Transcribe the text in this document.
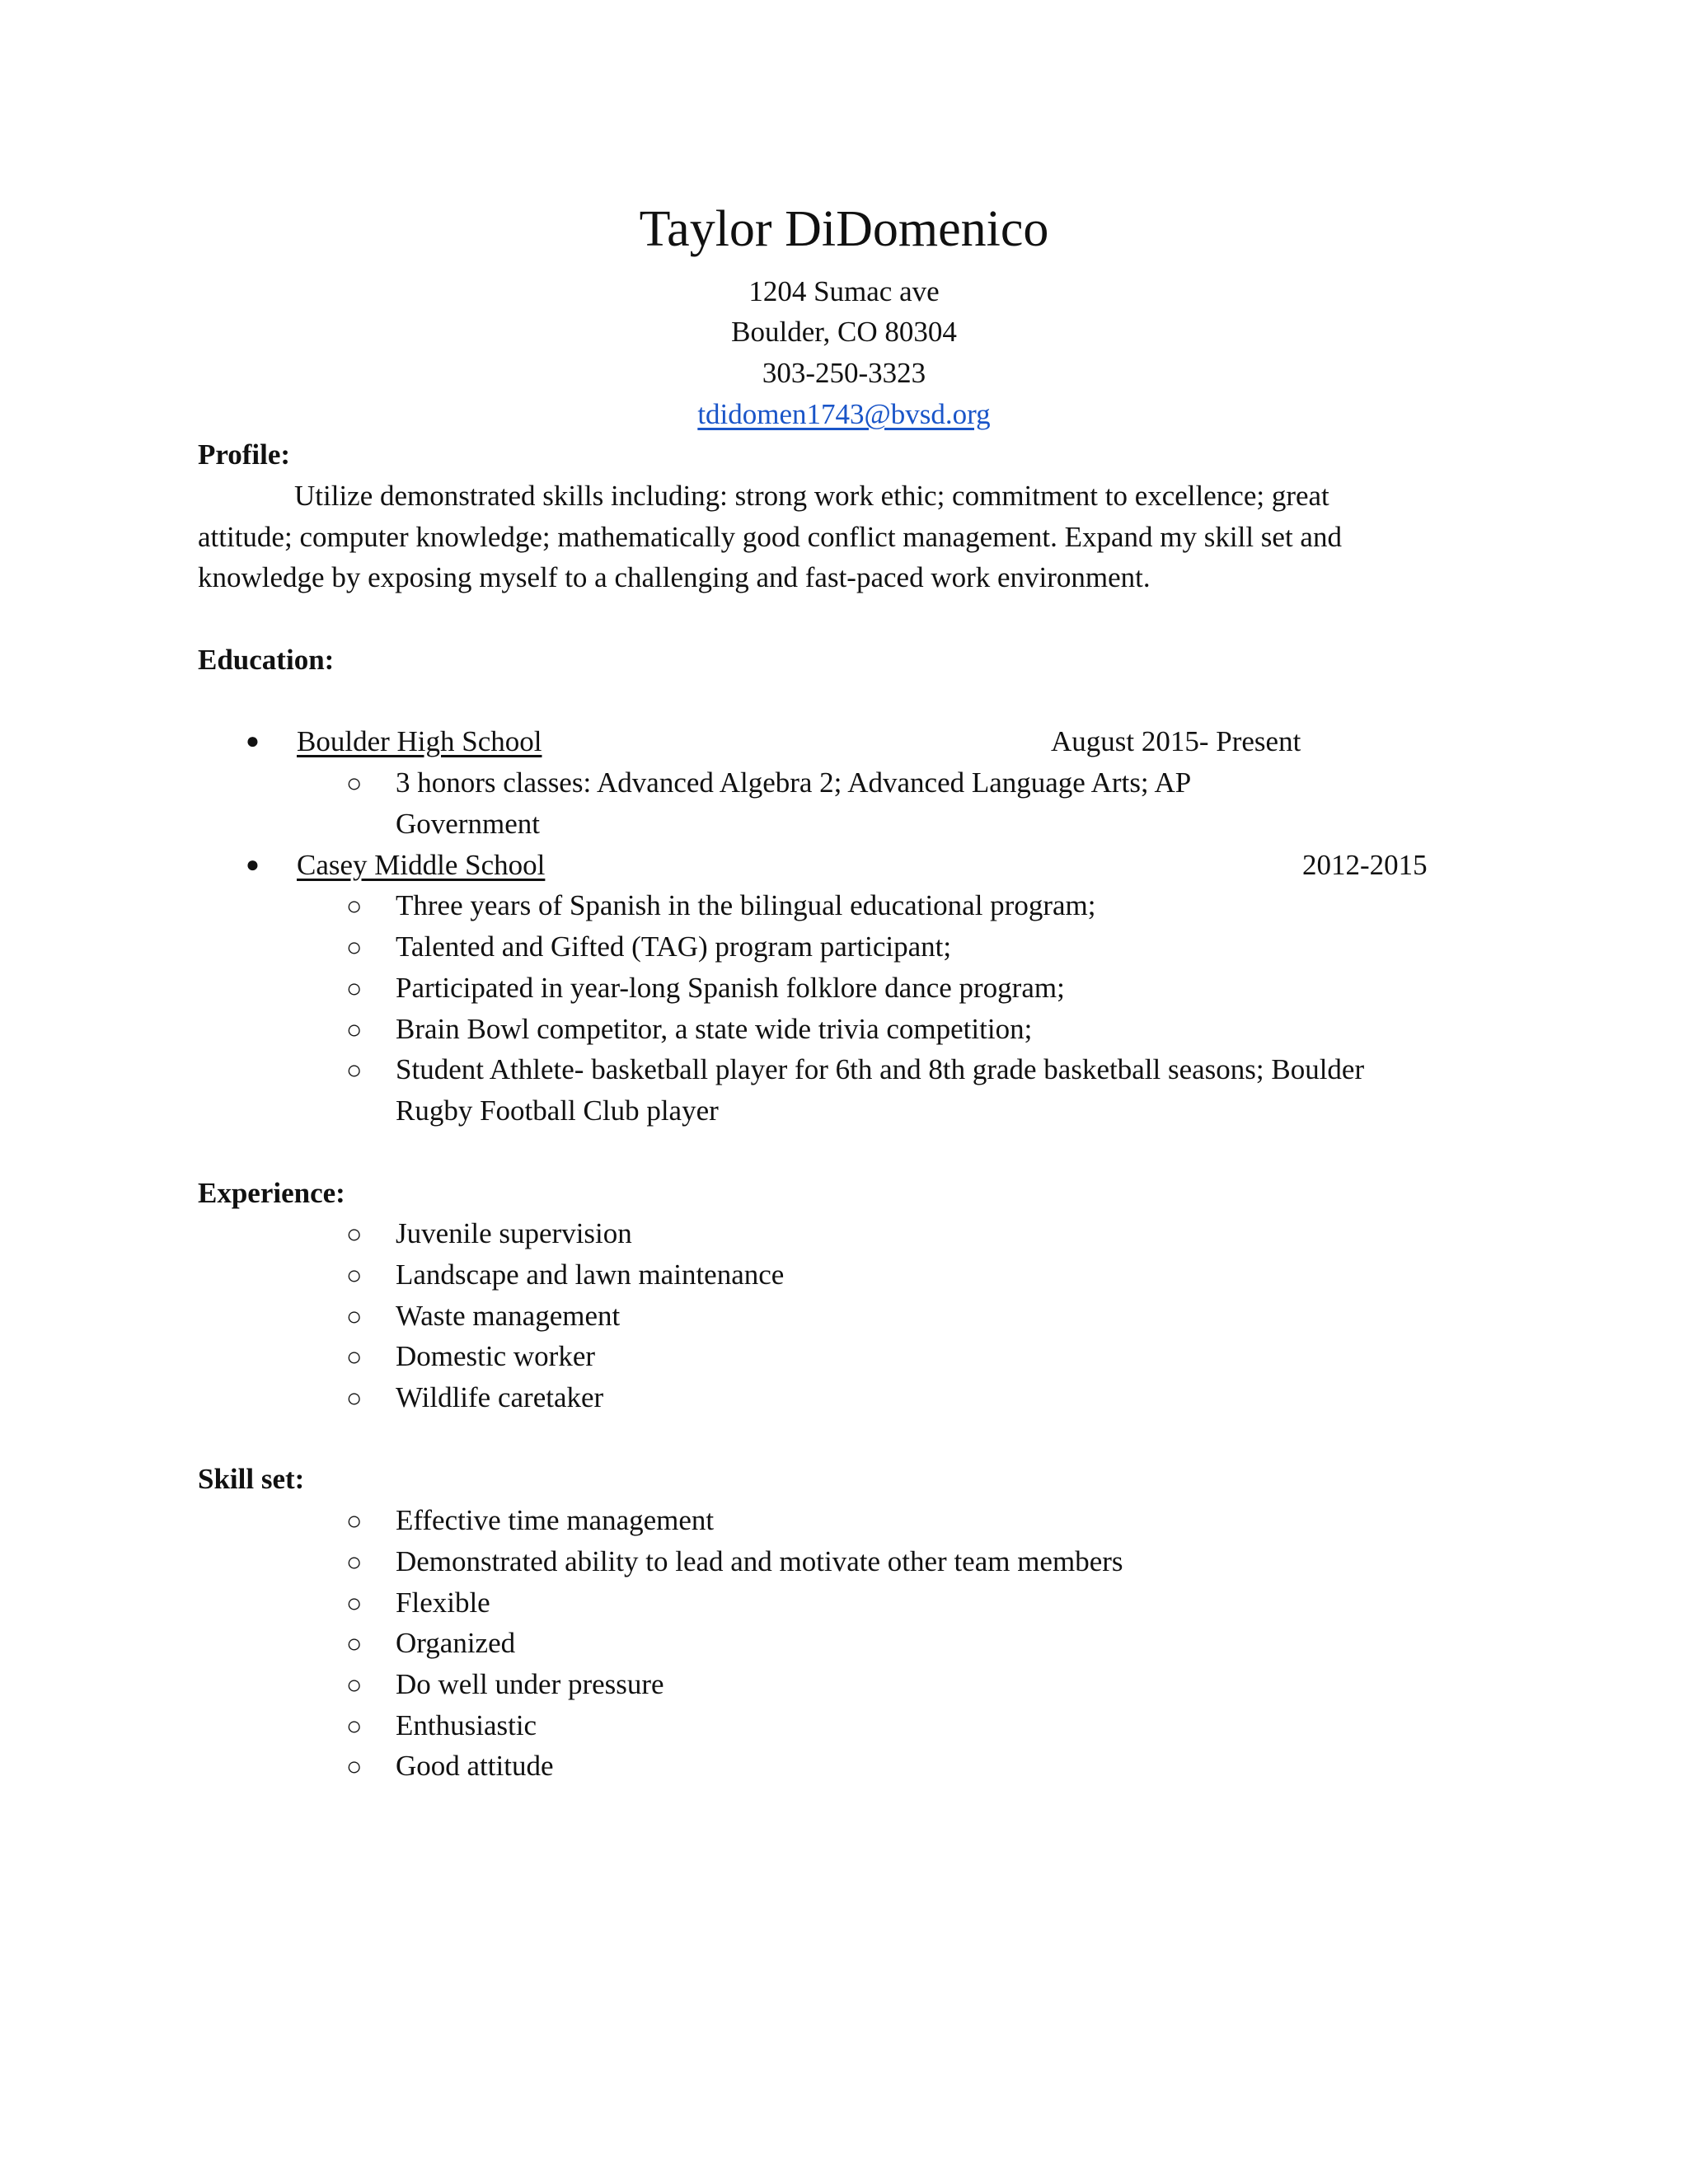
Taylor DiDomenico
1204 Sumac ave
Boulder, CO 80304
303-250-3323
tdidomen1743@bvsd.org
Profile:
Utilize demonstrated skills including: strong work ethic; commitment to excellence; great
attitude; computer knowledge; mathematically good conflict management. Expand my skill set and
knowledge by exposing myself to a challenging and fast-paced work environment.
Education:
● Boulder High School	August 2015- Present
○ 3 honors classes: Advanced Algebra 2; Advanced Language Arts; AP
Government
● Casey Middle School	2012-2015
○ Three years of Spanish in the bilingual educational program;
○ Talented and Gifted (TAG) program participant;
○ Participated in year-long Spanish folklore dance program;
○ Brain Bowl competitor, a state wide trivia competition;
○ Student Athlete- basketball player for 6th and 8th grade basketball seasons; Boulder
Rugby Football Club player
Experience:
○ Juvenile supervision
○ Landscape and lawn maintenance
○ Waste management
○ Domestic worker
○ Wildlife caretaker
Skill set:
○ Effective time management
○ Demonstrated ability to lead and motivate other team members
○ Flexible
○ Organized
○ Do well under pressure
○ Enthusiastic
○ Good attitude
